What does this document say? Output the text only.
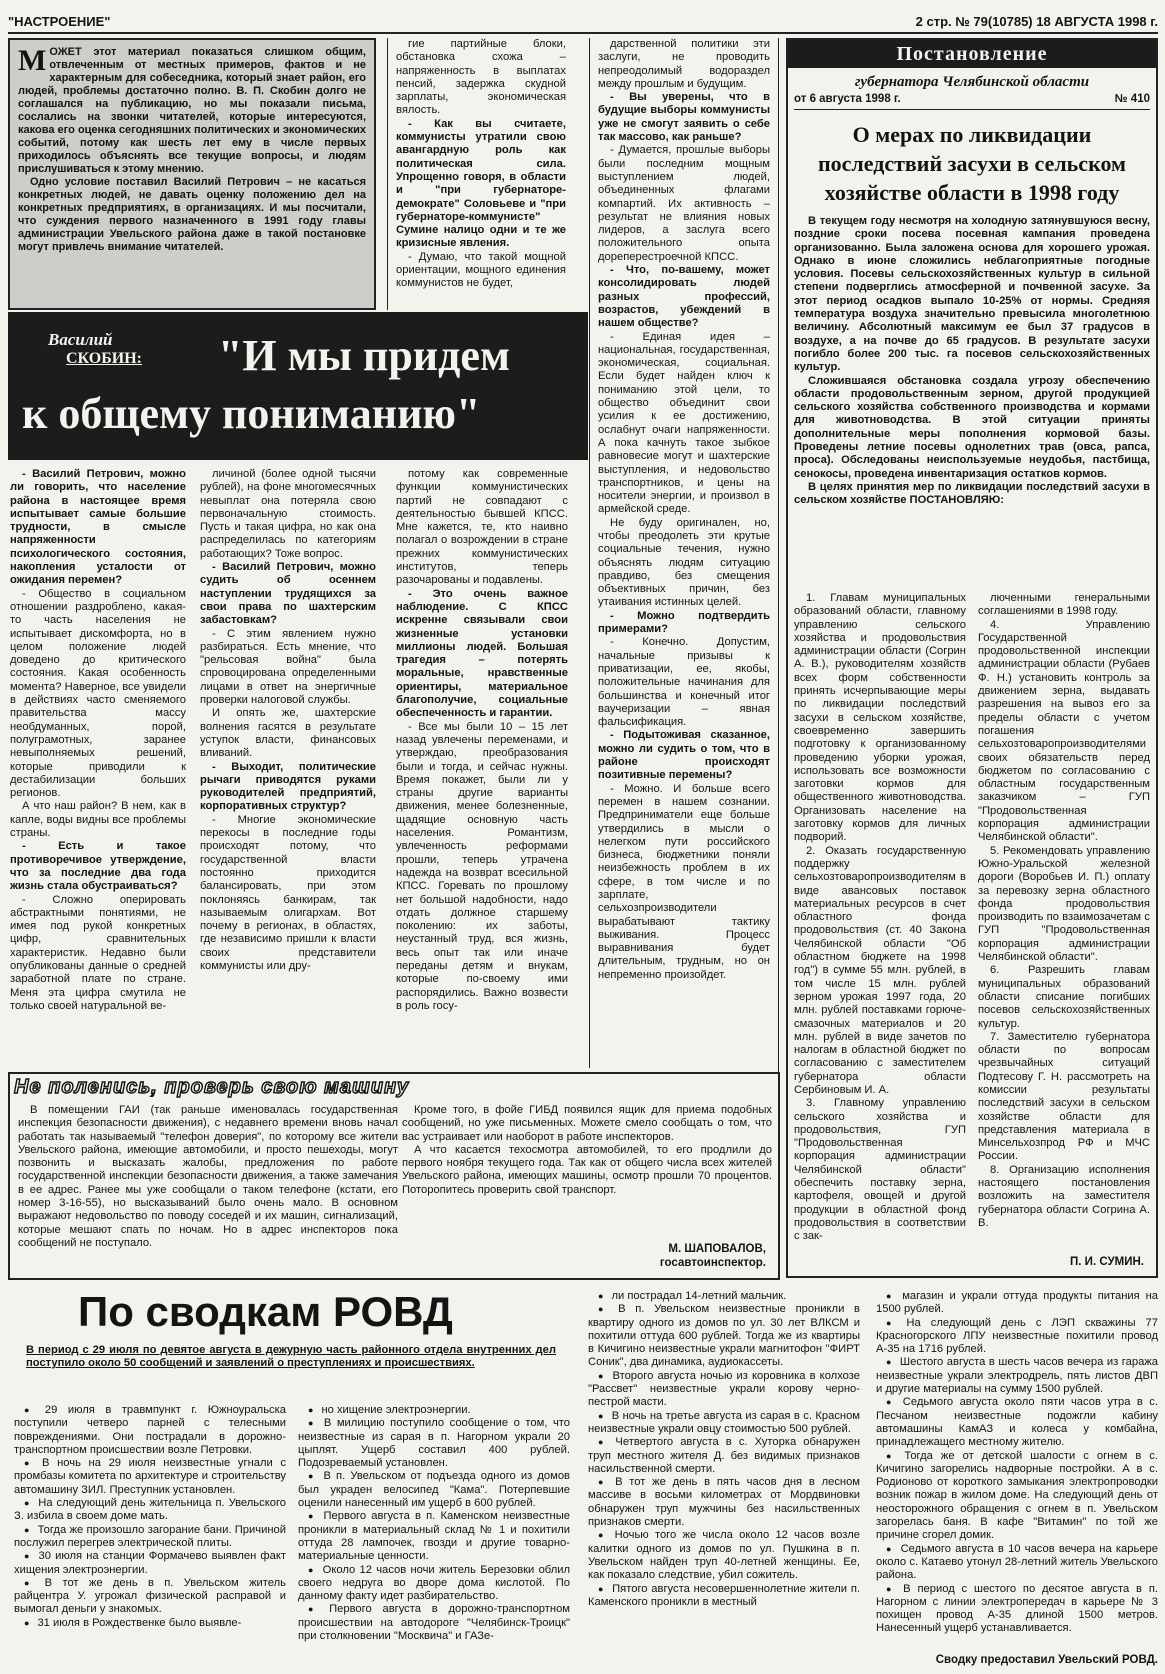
"НАСТРОЕНИЕ"	2 стр. № 79(10785) 18 АВГУСТА 1998 г.

МОЖЕТ этот материал показаться слишком общим, отвлеченным от местных примеров, фактов и не характерным для собеседника, который знает район, его людей, проблемы достаточно полно. В. П. Скобин долго не соглашался на публикацию, но мы показали письма, сослались на звонки читателей, которые интересуются, какова его оценка сегодняшних политических и экономических событий, потому как шесть лет ему в числе первых приходилось объяснять все текущие вопросы, и людям прислушиваться к этому мнению.

Одно условие поставил Василий Петрович – не касаться конкретных людей, не давать оценку положению дел на конкретных предприятиях, в организациях. И мы посчитали, что суждения первого назначенного в 1991 году главы администрации Увельского района даже в такой постановке могут привлечь внимание читателей.

Василий
СКОБИН: "И мы придем
к общему пониманию"

гие партийные блоки, обстановка схожа – напряженность в выплатах пенсий, задержка скудной зарплаты, экономическая вялость.

- Как вы считаете, коммунисты утратили свою авангардную роль как политическая сила. Упрощенно говоря, в области и "при губернаторе-демократе" Соловьеве и "при губернаторе-коммунисте" Сумине налицо одни и те же кризисные явления.

- Думаю, что такой мощной ориентации, мощного единения коммунистов не будет,

дарственной политики эти заслуги, не проводить непреодолимый водораздел между прошлым и будущим.

- Вы уверены, что в будущие выборы коммунисты уже не смогут заявить о себе так массово, как раньше?

- Думается, прошлые выборы были последним мощным выступлением людей, объединенных флагами компартий. Их активность – результат не влияния новых лидеров, а заслуга всего положительного опыта дореперестроечной КПСС.

- Что, по-вашему, может консолидировать людей разных профессий, возрастов, убеждений в нашем обществе?

- Единая идея – национальная, государственная, экономическая, социальная. Если будет найден ключ к пониманию этой цели, то общество объединит свои усилия к ее достижению, ослабнут очаги напряженности. А пока качнуть такое зыбкое равновесие могут и шахтерские выступления, и недовольство транспортников, и цены на носители энергии, и произвол в армейской среде.

Не буду оригинален, но, чтобы преодолеть эти крутые социальные течения, нужно объяснять людям ситуацию правдиво, без смещения объективных причин, без утаивания истинных целей.

- Можно подтвердить примерами?

- Конечно. Допустим, начальные призывы к приватизации, ее, якобы, положительные начинания для большинства и конечный итог ваучеризации – явная фальсификация.

- Подытоживая сказанное, можно ли судить о том, что в районе происходят позитивные перемены?

- Можно. И больше всего перемен в нашем сознании. Предприниматели еще больше утвердились в мысли о нелегком пути российского бизнеса, бюджетники поняли неизбежность проблем в их сфере, в том числе и по зарплате, сельхозпроизводители вырабатывают тактику выживания. Процесс выравнивания будет длительным, трудным, но он непременно произойдет.

- Василий Петрович, можно ли говорить, что население района в настоящее время испытывает самые большие трудности, в смысле напряженности психологического состояния, накопления усталости от ожидания перемен?

- Общество в социальном отношении раздроблено, какая-то часть населения не испытывает дискомфорта, но в целом положение людей доведено до критического состояния. Какая особенность момента? Наверное, все увидели в действиях часто сменяемого правительства массу необдуманных, порой, полуграмотных, заранее невыполняемых решений, которые приводили к дестабилизации больших регионов.

А что наш район? В нем, как в капле, воды видны все проблемы страны.

- Есть и такое противоречивое утверждение, что за последние два года жизнь стала обустраиваться?

- Сложно оперировать абстрактными понятиями, не имея под рукой конкретных цифр, сравнительных характеристик. Недавно были опубликованы данные о средней заработной плате по стране. Меня эта цифра смутила не только своей натуральной ве-

личиной (более одной тысячи рублей), на фоне многомесячных невыплат она потеряла свою первоначальную стоимость. Пусть и такая цифра, но как она распределилась по категориям работающих? Тоже вопрос.

- Василий Петрович, можно судить об осеннем наступлении трудящихся за свои права по шахтерским забастовкам?

- С этим явлением нужно разбираться. Есть мнение, что "рельсовая война" была спровоцирована определенными лицами в ответ на энергичные проверки налоговой службы.

И опять же, шахтерские волнения гасятся в результате уступок власти, финансовых вливаний.

- Выходит, политические рычаги приводятся руками руководителей предприятий, корпоративных структур?

- Многие экономические перекосы в последние годы происходят потому, что государственной власти постоянно приходится балансировать, при этом поклоняясь банкирам, так называемым олигархам. Вот почему в регионах, в областях, где независимо пришли к власти своих представители коммунисты или дру-

потому как современные функции коммунистических партий не совпадают с деятельностью бывшей КПСС. Мне кажется, те, кто наивно полагал о возрождении в стране прежних коммунистических институтов, теперь разочарованы и подавлены.

- Это очень важное наблюдение. С КПСС искренне связывали свои жизненные установки миллионы людей. Большая трагедия – потерять моральные, нравственные ориентиры, материальное благополучие, социальные обеспеченность и гарантии.

- Все мы были 10 – 15 лет назад увлечены переменами, и утверждаю, преобразования были и тогда, и сейчас нужны. Время покажет, были ли у страны другие варианты движения, менее болезненные, щадящие основную часть населения. Романтизм, увлеченность реформами прошли, теперь утрачена надежда на возврат всесильной КПСС. Горевать по прошлому нет большой надобности, надо отдать должное старшему поколению: их заботы, неустанный труд, вся жизнь, весь опыт так или иначе переданы детям и внукам, которые по-своему ими распорядились. Важно возвести в роль госу-

Постановление
губернатора Челябинской области
от 6 августа 1998 г.	№ 410
О мерах по ликвидации последствий засухи в сельском хозяйстве области в 1998 году

В текущем году несмотря на холодную затянувшуюся весну, поздние сроки посева посевная кампания проведена организованно. Была заложена основа для хорошего урожая. Однако в июне сложились неблагоприятные погодные условия. Посевы сельскохозяйственных культур в сильной степени подверглись атмосферной и почвенной засухе. За этот период осадков выпало 10-25% от нормы. Средняя температура воздуха значительно превысила многолетнюю величину. Абсолютный максимум ее был 37 градусов в воздухе, а на почве до 65 градусов. В результате засухи погибло более 200 тыс. га посевов сельскохозяйственных культур.

Сложившаяся обстановка создала угрозу обеспечению области продовольственным зерном, другой продукцией сельского хозяйства собственного производства и кормами для животноводства. В этой ситуации приняты дополнительные меры пополнения кормовой базы. Проведены летние посевы однолетних трав (овса, рапса, проса). Обследованы неиспользуемые неудобья, пастбища, сенокосы, проведена инвентаризация остатков кормов.

В целях принятия мер по ликвидации последствий засухи в сельском хозяйстве ПОСТАНОВЛЯЮ:

1. Главам муниципальных образований области, главному управлению сельского хозяйства и продовольствия администрации области (Согрин А. В.), руководителям хозяйств всех форм собственности принять исчерпывающие меры по ликвидации последствий засухи в сельском хозяйстве, своевременно завершить подготовку к организованному проведению уборки урожая, использовать все возможности заготовки кормов для общественного животноводства. Организовать население на заготовку кормов для личных подворий.

2. Оказать государственную поддержку сельхозтоваропроизводителям в виде авансовых поставок материальных ресурсов в счет областного фонда продовольствия (ст. 40 Закона Челябинской области "Об областном бюджете на 1998 год") в сумме 55 млн. рублей, в том числе 15 млн. рублей зерном урожая 1997 года, 20 млн. рублей поставками горюче-смазочных материалов и 20 млн. рублей в виде зачетов по налогам в областной бюджет по согласованию с заместителем губернатора области Сербиновым И. А.

3. Главному управлению сельского хозяйства и продовольствия, ГУП "Продовольственная корпорация администрации Челябинской области" обеспечить поставку зерна, картофеля, овощей и другой продукции в областной фонд продовольствия в соответствии с зак-

люченными генеральными соглашениями в 1998 году.

4. Управлению Государственной продовольственной инспекции администрации области (Рубаев Ф. Н.) установить контроль за движением зерна, выдавать разрешения на вывоз его за пределы области с учетом погашения сельхозтоваропроизводителями своих обязательств перед бюджетом по согласованию с областным государственным заказчиком – ГУП "Продовольственная корпорация администрации Челябинской области".

5. Рекомендовать управлению Южно-Уральской железной дороги (Воробьев И. П.) оплату за перевозку зерна областного фонда продовольствия производить по взаимозачетам с ГУП "Продовольственная корпорация администрации Челябинской области".

6. Разрешить главам муниципальных образований области списание погибших посевов сельскохозяйственных культур.

7. Заместителю губернатора области по вопросам чрезвычайных ситуаций Подтесову Г. Н. рассмотреть на комиссии результаты последствий засухи в сельском хозяйстве области для представления материала в Минсельхозпрод РФ и МЧС России.

8. Организацию исполнения настоящего постановления возложить на заместителя губернатора области Согрина А. В.

П. И. СУМИН.
Не поленись, проверь свою машину

В помещении ГАИ (так раньше именовалась государственная инспекция безопасности движения), с недавнего времени вновь начал работать так называемый "телефон доверия", по которому все жители Увельского района, имеющие автомобили, и просто пешеходы, могут позвонить и высказать жалобы, предложения по работе государственной инспекции безопасности движения, а также замечания в ее адрес. Ранее мы уже сообщали о таком телефоне (кстати, его номер 3-16-55), но высказываний было очень мало. В основном выражают недовольство по поводу соседей и их машин, сигнализаций, которые мешают спать по ночам. Но в адрес инспекторов пока сообщений не поступало.

Кроме того, в фойе ГИБД появился ящик для приема подобных сообщений, но уже письменных. Можете смело сообщать о том, что вас устраивает или наоборот в работе инспекторов.

А что касается техосмотра автомобилей, то его продлили до первого ноября текущего года. Так как от общего числа всех жителей Увельского района, имеющих машины, осмотр прошли 70 процентов. Поторопитесь проверить свой транспорт.

М. ШАПОВАЛОВ,
госавтоинспектор.
По сводкам РОВД
В период с 29 июля по девятое августа в дежурную часть районного отдела внутренних дел поступило около 50 сообщений и заявлений о преступлениях и происшествиях.

● 29 июля в травмпункт г. Южноуральска поступили четверо парней с телесными повреждениями. Они пострадали в дорожно-транспортном происшествии возле Петровки.

● В ночь на 29 июля неизвестные угнали с промбазы комитета по архитектуре и строительству автомашину ЗИЛ. Преступник установлен.

● На следующий день жительница п. Увельского З. избила в своем доме мать.

● Тогда же произошло загорание бани. Причиной послужил перегрев электрической плиты.

● 30 июля на станции Формачево выявлен факт хищения электроэнергии.

● В тот же день в п. Увельском житель райцентра У. угрожал физической расправой и вымогал деньги у знакомых.

● 31 июля в Рождественке было выявле-

● но хищение электроэнергии.

● В милицию поступило сообщение о том, что неизвестные из сарая в п. Нагорном украли 20 цыплят. Ущерб составил 400 рублей. Подозреваемый установлен.

● В п. Увельском от подъезда одного из домов был украден велосипед "Кама". Потерпевшие оценили нанесенный им ущерб в 600 рублей.

● Первого августа в п. Каменском неизвестные проникли в материальный склад № 1 и похитили оттуда 28 лампочек, гвозди и другие товарно-материальные ценности.

● Около 12 часов ночи житель Березовки облил своего недруга во дворе дома кислотой. По данному факту идет разбирательство.

● Первого августа в дорожно-транспортном происшествии на автодороге "Челябинск-Троицк" при столкновении "Москвича" и ГАЗе-

● ли пострадал 14-летний мальчик.

● В п. Увельском неизвестные проникли в квартиру одного из домов по ул. 30 лет ВЛКСМ и похитили оттуда 600 рублей. Тогда же из квартиры в Кичигино неизвестные украли магнитофон "ФИРТ Соник", два динамика, аудиокассеты.

● Второго августа ночью из коровника в колхозе "Рассвет" неизвестные украли корову черно-пестрой масти.

● В ночь на третье августа из сарая в с. Красном неизвестные украли овцу стоимостью 500 рублей.

● Четвертого августа в с. Хуторка обнаружен труп местного жителя Д. без видимых признаков насильственной смерти.

● В тот же день в пять часов дня в лесном массиве в восьми километрах от Мордвиновки обнаружен труп мужчины без насильственных признаков смерти.

● Ночью того же числа около 12 часов возле калитки одного из домов по ул. Пушкина в п. Увельском найден труп 40-летней женщины. Ее, как показало следствие, убил сожитель.

● Пятого августа несовершеннолетние жители п. Каменского проникли в местный

● магазин и украли оттуда продукты питания на 1500 рублей.

● На следующий день с ЛЭП скважины 77 Красногорского ЛПУ неизвестные похитили провод А-35 на 1716 рублей.

● Шестого августа в шесть часов вечера из гаража неизвестные украли электродрель, пять листов ДВП и другие материалы на сумму 1500 рублей.

● Седьмого августа около пяти часов утра в с. Песчаном неизвестные подожгли кабину автомашины КамАЗ и колеса у комбайна, принадлежащего местному жителю.

● Тогда же от детской шалости с огнем в с. Кичигино загорелись надворные постройки. А в с. Родионово от короткого замыкания электропроводки возник пожар в жилом доме. На следующий день от неосторожного обращения с огнем в п. Увельском загорелась баня. В кафе "Витамин" по той же причине сгорел домик.

● Седьмого августа в 10 часов вечера на карьере около с. Катаево утонул 28-летний житель Увельского района.

● В период с шестого по десятое августа в п. Нагорном с линии электропередач в карьере № 3 похищен провод А-35 длиной 1500 метров. Нанесенный ущерб устанавливается.

Сводку предоставил Увельский РОВД.
